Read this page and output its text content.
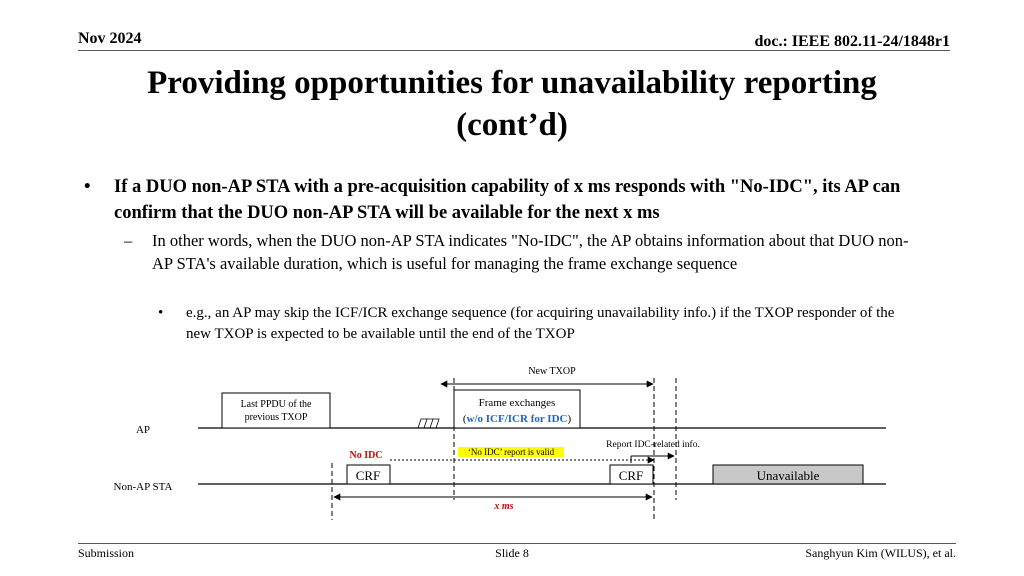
Nov 2024	doc.: IEEE 802.11-24/1848r1
Providing opportunities for unavailability reporting
(cont’d)
• If a DUO non-AP STA with a pre-acquisition capability of x ms responds with "No-IDC", its AP can confirm that the DUO non-AP STA will be available for the next x ms
– In other words, when the DUO non-AP STA indicates "No-IDC", the AP obtains information about that DUO non-AP STA's available duration, which is useful for managing the frame exchange sequence
• e.g., an AP may skip the ICF/ICR exchange sequence (for acquiring unavailability info.) if the TXOP responder of the new TXOP is expected to be available until the end of the TXOP
New TXOP
AP
Last PPDU of the
previous TXOP
Frame exchanges
(w/o ICF/ICR for IDC)
Report IDC-related info.
No IDC	‘No IDC’ report is valid
Non-AP STA
CRF	CRF	Unavailable
x ms
Submission	Slide 8	Sanghyun Kim (WILUS), et al.
